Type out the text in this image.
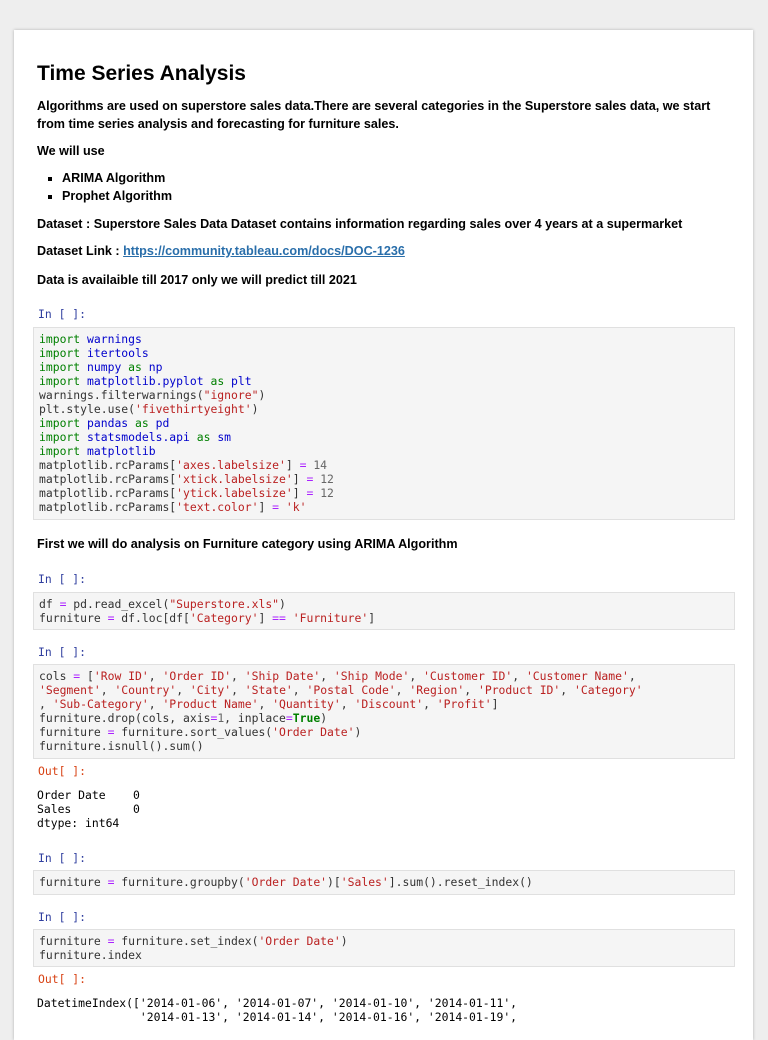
Time Series Analysis

Algorithms are used on superstore sales data.There are several categories in the Superstore sales data, we start from time series analysis and forecasting for furniture sales.

We will use

ARIMA Algorithm
Prophet Algorithm

Dataset : Superstore Sales Data Dataset contains information regarding sales over 4 years at a supermarket

Dataset Link : https://community.tableau.com/docs/DOC-1236

Data is availaible till 2017 only we will predict till 2021

In [ ]:
import warnings
import itertools
import numpy as np
import matplotlib.pyplot as plt
warnings.filterwarnings("ignore")
plt.style.use('fivethirtyeight')
import pandas as pd
import statsmodels.api as sm
import matplotlib
matplotlib.rcParams['axes.labelsize'] = 14
matplotlib.rcParams['xtick.labelsize'] = 12
matplotlib.rcParams['ytick.labelsize'] = 12
matplotlib.rcParams['text.color'] = 'k'

First we will do analysis on Furniture category using ARIMA Algorithm

In [ ]:
df = pd.read_excel("Superstore.xls")
furniture = df.loc[df['Category'] == 'Furniture']
In [ ]:
cols = ['Row ID', 'Order ID', 'Ship Date', 'Ship Mode', 'Customer ID', 'Customer Name',
'Segment', 'Country', 'City', 'State', 'Postal Code', 'Region', 'Product ID', 'Category'
, 'Sub-Category', 'Product Name', 'Quantity', 'Discount', 'Profit']
furniture.drop(cols, axis=1, inplace=True)
furniture = furniture.sort_values('Order Date')
furniture.isnull().sum()
Out[ ]:
Order Date    0
Sales         0
dtype: int64
In [ ]:
furniture = furniture.groupby('Order Date')['Sales'].sum().reset_index()
In [ ]:
furniture = furniture.set_index('Order Date')
furniture.index
Out[ ]:
DatetimeIndex(['2014-01-06', '2014-01-07', '2014-01-10', '2014-01-11',
'2014-01-13', '2014-01-14', '2014-01-16', '2014-01-19',
